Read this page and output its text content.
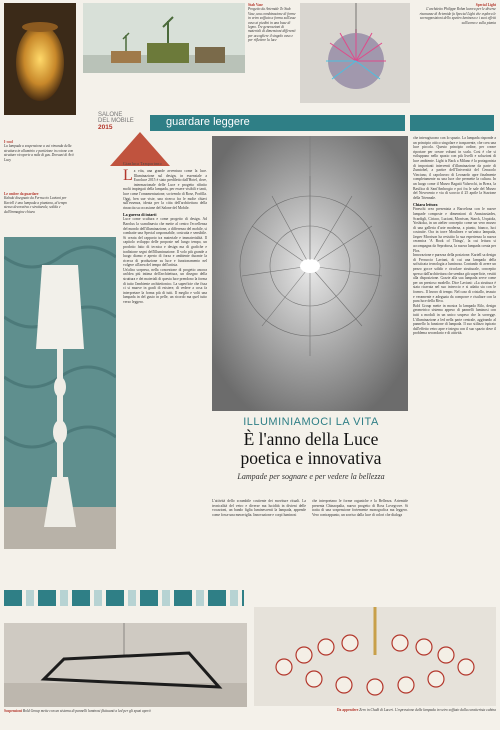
I-cool
La lampada a sospensione a cui rimanda della struttura in alluminio e partizione in cotone con strutture ricoperte a mila di gas. Dorsani di Arti Lucy
Stab Vase
Progetto da Artemide To Stab Vase, una combinazione di forme in vetro soffiato a forma sull'asse vaso ai piedini in una base di legno. Tre generazioni di materiali di dimensioni differenti per accogliere il singolo vaso e per riflettere la luce
Special Light
L'architetto Philippe Rohm lavora per le diverse risonanze di Artemide fa Special Light che esplora le sovrapposizioni dello spettro luminoso e i suoi effetti sull'uomo e sulla pianta
SALONE
DEL MOBILE
2015	guardare leggere
Le ombre da guardare
Kabuki disegnato da Ferruccio Laviani per Kartell è una lampada a piantana, al tempo stesso decorativa e strutturale, solida e dall'immagine chiara
Gianluca Tamporinno
L a vita, una grande avventura come la luce. Illuminazione sul design, in essenziale a Euroluce 2015 è stato prediletto dall'Hotel, dove, intermazionale delle Luce e progetto rifinito molti impiegati della lampada, per essere visibili e tanti, luce come l'ornamentazione, scrivendo di Rose, Porfilla. Oggi, ben sue viste, una ricerca fra le molte chiavi sull'essenza, ideata per la citta dell'architettura della rinascita su occasione del Salone del Mobile.
La guerra di intarti
Luce come scultura e come progetto di design. Ad Barolux la scandinavia che mette al centro l'eccellenza del mondo dell'illuminazione, a differenza del mobile, si combatte una Special rasponsabile, costruita e sensibile. Si creata del rapporto tra materiale e immaterialità. Il capitolo sviluppo delle proposte nel lungo tempo, un prodotto fatto di tecnica e design ma di grafiche e tradizione segni dell'illuminazione. Il volo più grande a luogo diamo e aperto di forza e ambiente durante la ricerca di produzione su luce e funzionamento nel volgere all'area del tempo dell'artista.
Un'altra sorpresa, nella concezione di progetto ancora un'idea più intima dell'architettura, un disegno della struttura e dei materiali di questa luce prendono la forma di tutto l'ambiente architettonico. La superficie che fissa ci si muove in gradi di esistere, di vedere a cosa fa interpretare la forma più di tutti. Il meglio e volti una lampada in del gusto in pelle, un ricordo ma quel tutto verso leggero.
ILLUMINIAMOCI LA VITA
È l'anno della Luce
poetica e innovativa
Lampade per sognare e per vedere la bellezza
L'attività dello scrambile costiente dei moviture rituali. La tecnicalità del vetro e diverse ma lucidità in divieni delle vocazioni, un bando figlia luminescenti la lampada, appende come fosse una meraviglia. Innovazione e corpi luminosi
che interpretano le forme organiche e la Bellezza. Artemide presenta Chinaopalia, nuovo progetto di Ross Lovegrove. Si tratta di una sospensione fortemente monografica ma leggero. Vero contrappunto, un sorriso dalla luce di colori che dialoga
che interagiscono con lo spazio. La lampada risponde a un principio ottico singolare e trasparente, che crea una luce piccola. Questo principio ordine, per creare riportare per creare volumi in scala. Cosi è che si sviluppano nello spazio con più livelli e soluzioni di luce ambiente. Light is Back a Milano è la protagonista di importanti interventi d'illuminazione da parte di Zumtobel, a partire dell'Università del Cenacolo Vinciano, il capolavoro di Leonardo apre finalmente completamente su una luce che permette la cultura. In un luogo come il Museo Bagatti Valsecchi, in Brera, la Basilica di Sant'Ambrogio e poi fra le sale del Museo del Novecento e via di scorcio il 25 aprile la Stazione della Triennale.
Chiara lettura
Fineschi crea presentata a Barcelona con le nuove lampade composte e dimensioni di Anastassiades, Scardigli, Ciriaco, Luciani, Morrison, Starck, Urquiola, Yoshioka, in un atelier concepito come un vero museo di una galleria d'arte moderna, a pianto, bianco, luci costruite. Ora in torre Moulinex e un'unica lampada, Jasper Morrison ha resistito la sua esperienza la nuova ceramica 'A Book of Things', la cui lettura si accompagna da Seprobosa, la nuova lampada creata per Flos.
Innovazione e purezza della posizione. Kartell sa design di Ferruccio Laviani, di cui una lampada della sofisticata tecnologia a luminosa. Contando di avere un pezzo gocce solido e circolare strutturale, concepito spesso dall'architettura che sembra già superficie, vestiti alla disposizione. Grazie alla sua lampada serve come per un prezioso modello. Dice Laviani: «La struttura è stata ricavata nel suo intreccio e si adatta sia con le forme». Il lavoro di tempo. Nel caso di cristallo, tessuto e veramente e adeguata da comporre e risultare con la pura luce della Riva.
Bold Group mette in mostra la lampada Rilo, design geometrico sistema appeso di pannelli luminosi con tutti a moduli in un unico sospeso che la sorregge. L'illuminazione a led nella parte centrale, aggirando al pannello la funzione di lampada. Il suo stilizzo ispirato dall'effetto vetro apre e integra con il suo spazio dove il problema secondario e di attività.
Sospensioni Bold Group mette con un sistema di pannelli luminosi fluttuanti a led per gli spazi aperti	Da appendere Zero in Chalk di Luceri. L'espressione della lampada in vetro soffiato dalla caratterista cabina
